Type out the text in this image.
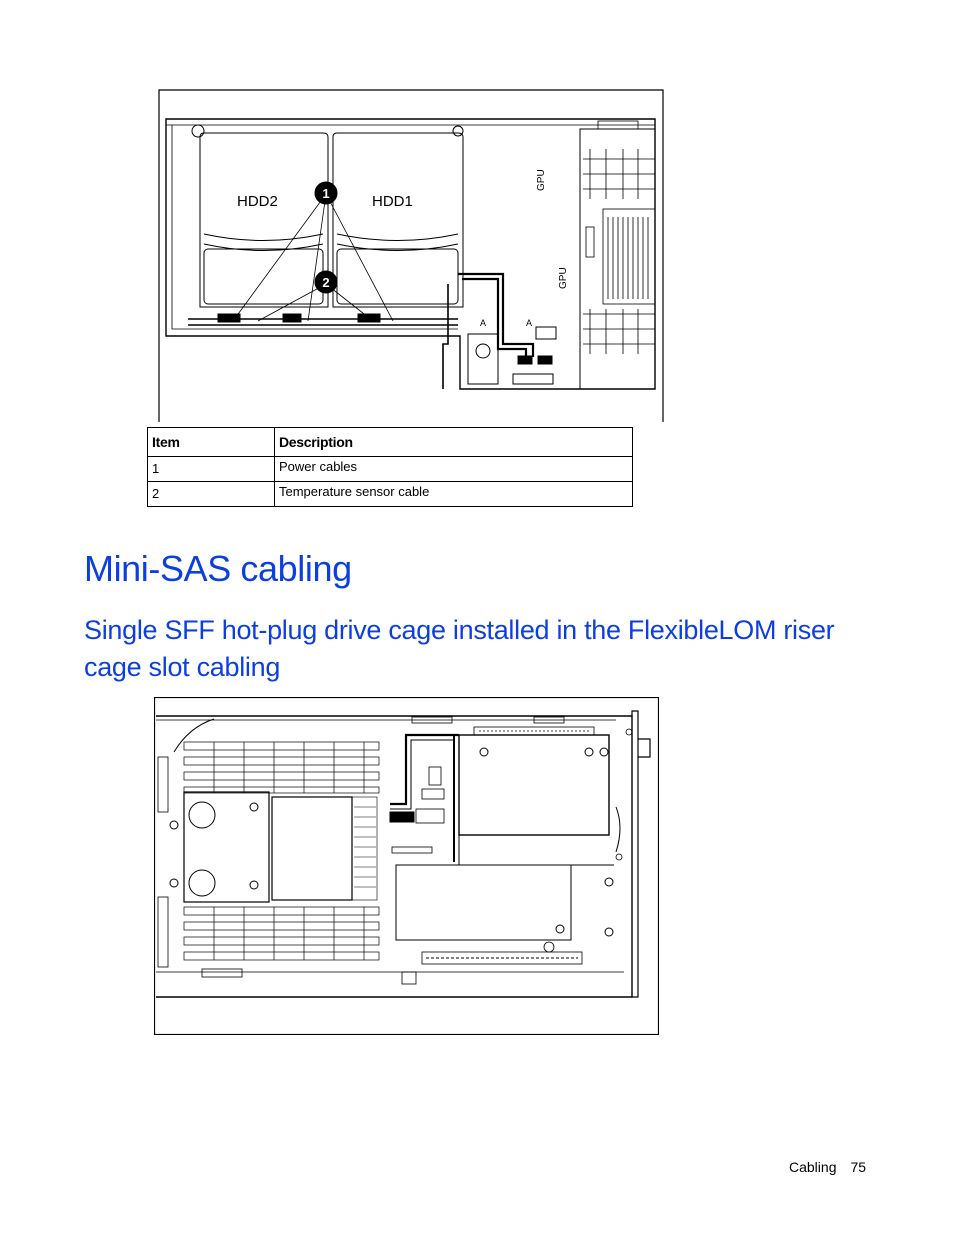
HDD2	HDD1
1
2
A	A
GPU
GPU
Item	Description
1	Power cables
2	Temperature sensor cable
Mini-SAS cabling
Single SFF hot-plug drive cage installed in the FlexibleLOM riser cage slot cabling
Cabling 75
